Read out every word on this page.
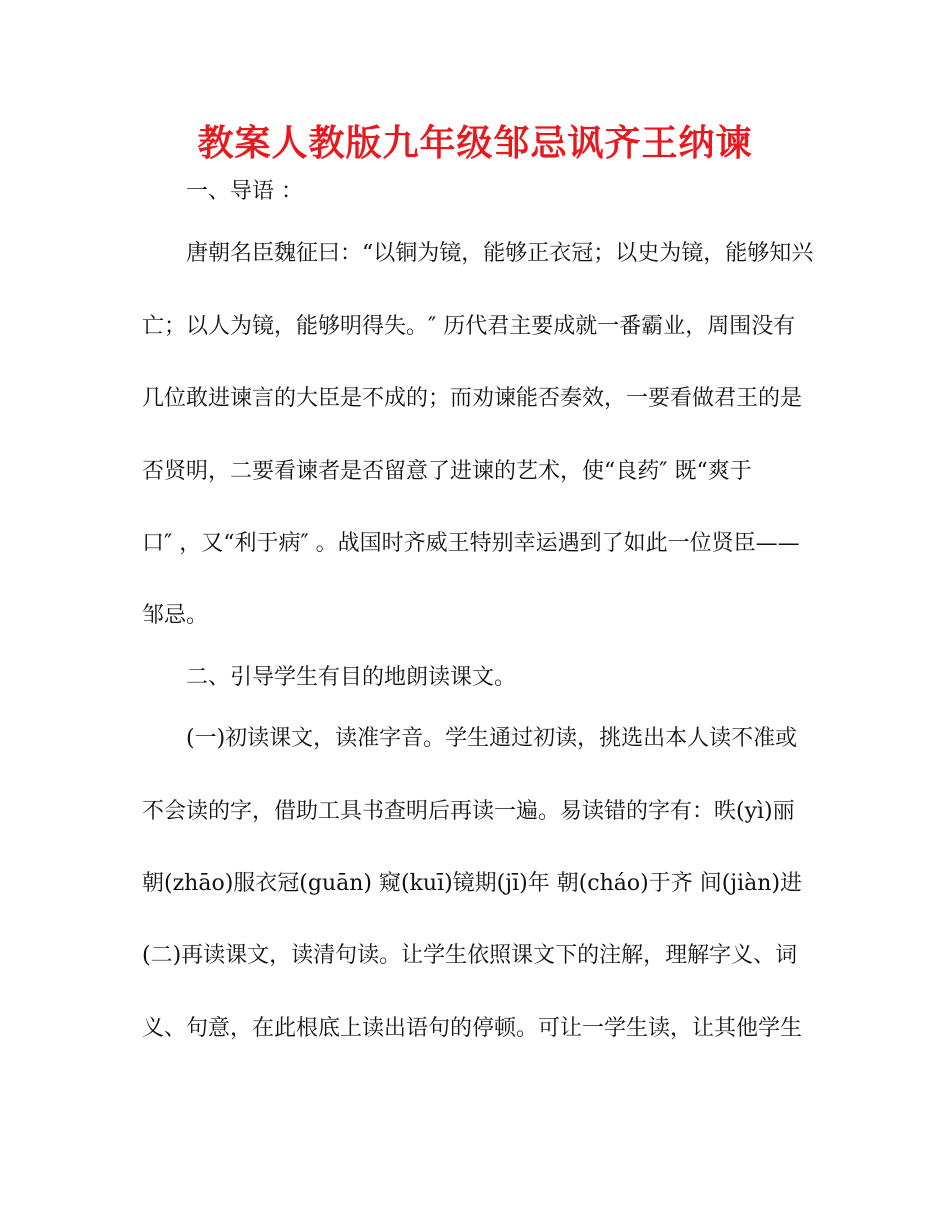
教案人教版九年级邹忌讽齐王纳谏

一、导语 ：

唐朝名臣魏征曰：“以铜为镜，能够正衣冠；以史为镜，能够知兴

亡；以人为镜，能够明得失。″ 历代君主要成就一番霸业，周围没有

几位敢进谏言的大臣是不成的；而劝谏能否奏效，一要看做君王的是

否贤明，二要看谏者是否留意了进谏的艺术，使“良药″ 既“爽于

口″ ，又“利于病″ 。战国时齐威王特别幸运遇到了如此一位贤臣——

邹忌。

二、引导学生有目的地朗读课文。

(一)初读课文，读准字音。学生通过初读，挑选出本人读不准或

不会读的字，借助工具书查明后再读一遍。易读错的字有：昳(yì)丽

朝(zhāo)服衣冠(guān) 窥(kuī)镜期(jī)年 朝(cháo)于齐 间(jiàn)进

(二)再读课文，读清句读。让学生依照课文下的注解，理解字义、词

义、句意，在此根底上读出语句的停顿。可让一学生读，让其他学生
